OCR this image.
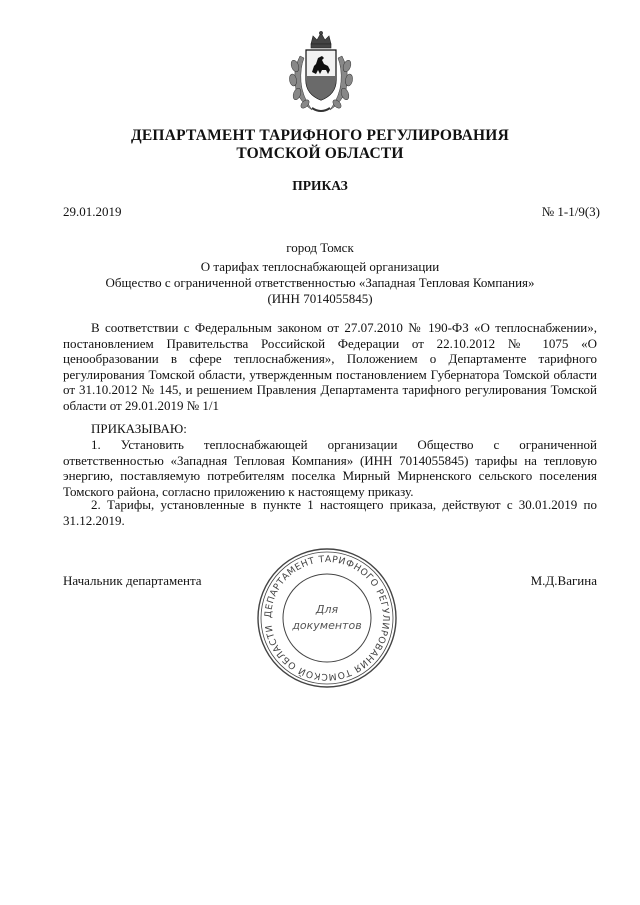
ДЕПАРТАМЕНТ ТАРИФНОГО РЕГУЛИРОВАНИЯ
ТОМСКОЙ ОБЛАСТИ
ПРИКАЗ
29.01.2019	№ 1-1/9(3)
город Томск
О тарифах теплоснабжающей организации
Общество с ограниченной ответственностью «Западная Тепловая Компания»
(ИНН 7014055845)

В соответствии с Федеральным законом от 27.07.2010 № 190-ФЗ «О теплоснабжении», постановлением Правительства Российской Федерации от 22.10.2012 № 1075 «О ценообразовании в сфере теплоснабжения», Положением о Департаменте тарифного регулирования Томской области, утвержденным постановлением Губернатора Томской области от 31.10.2012 № 145, и решением Правления Департамента тарифного регулирования Томской области от 29.01.2019 № 1/1

ПРИКАЗЫВАЮ:

1. Установить теплоснабжающей организации Общество с ограниченной ответственностью «Западная Тепловая Компания» (ИНН 7014055845) тарифы на тепловую энергию, поставляемую потребителям поселка Мирный Мирненского сельского поселения Томского района, согласно приложению к настоящему приказу.

2. Тарифы, установленные в пункте 1 настоящего приказа, действуют с 30.01.2019 по 31.12.2019.

Начальник департамента	М.Д.Вагина
ДЕПАРТАМЕНТ ТАРИФНОГО РЕГУЛИРОВАНИЯ ТОМСКОЙ ОБЛАСТИ
Для
документов
